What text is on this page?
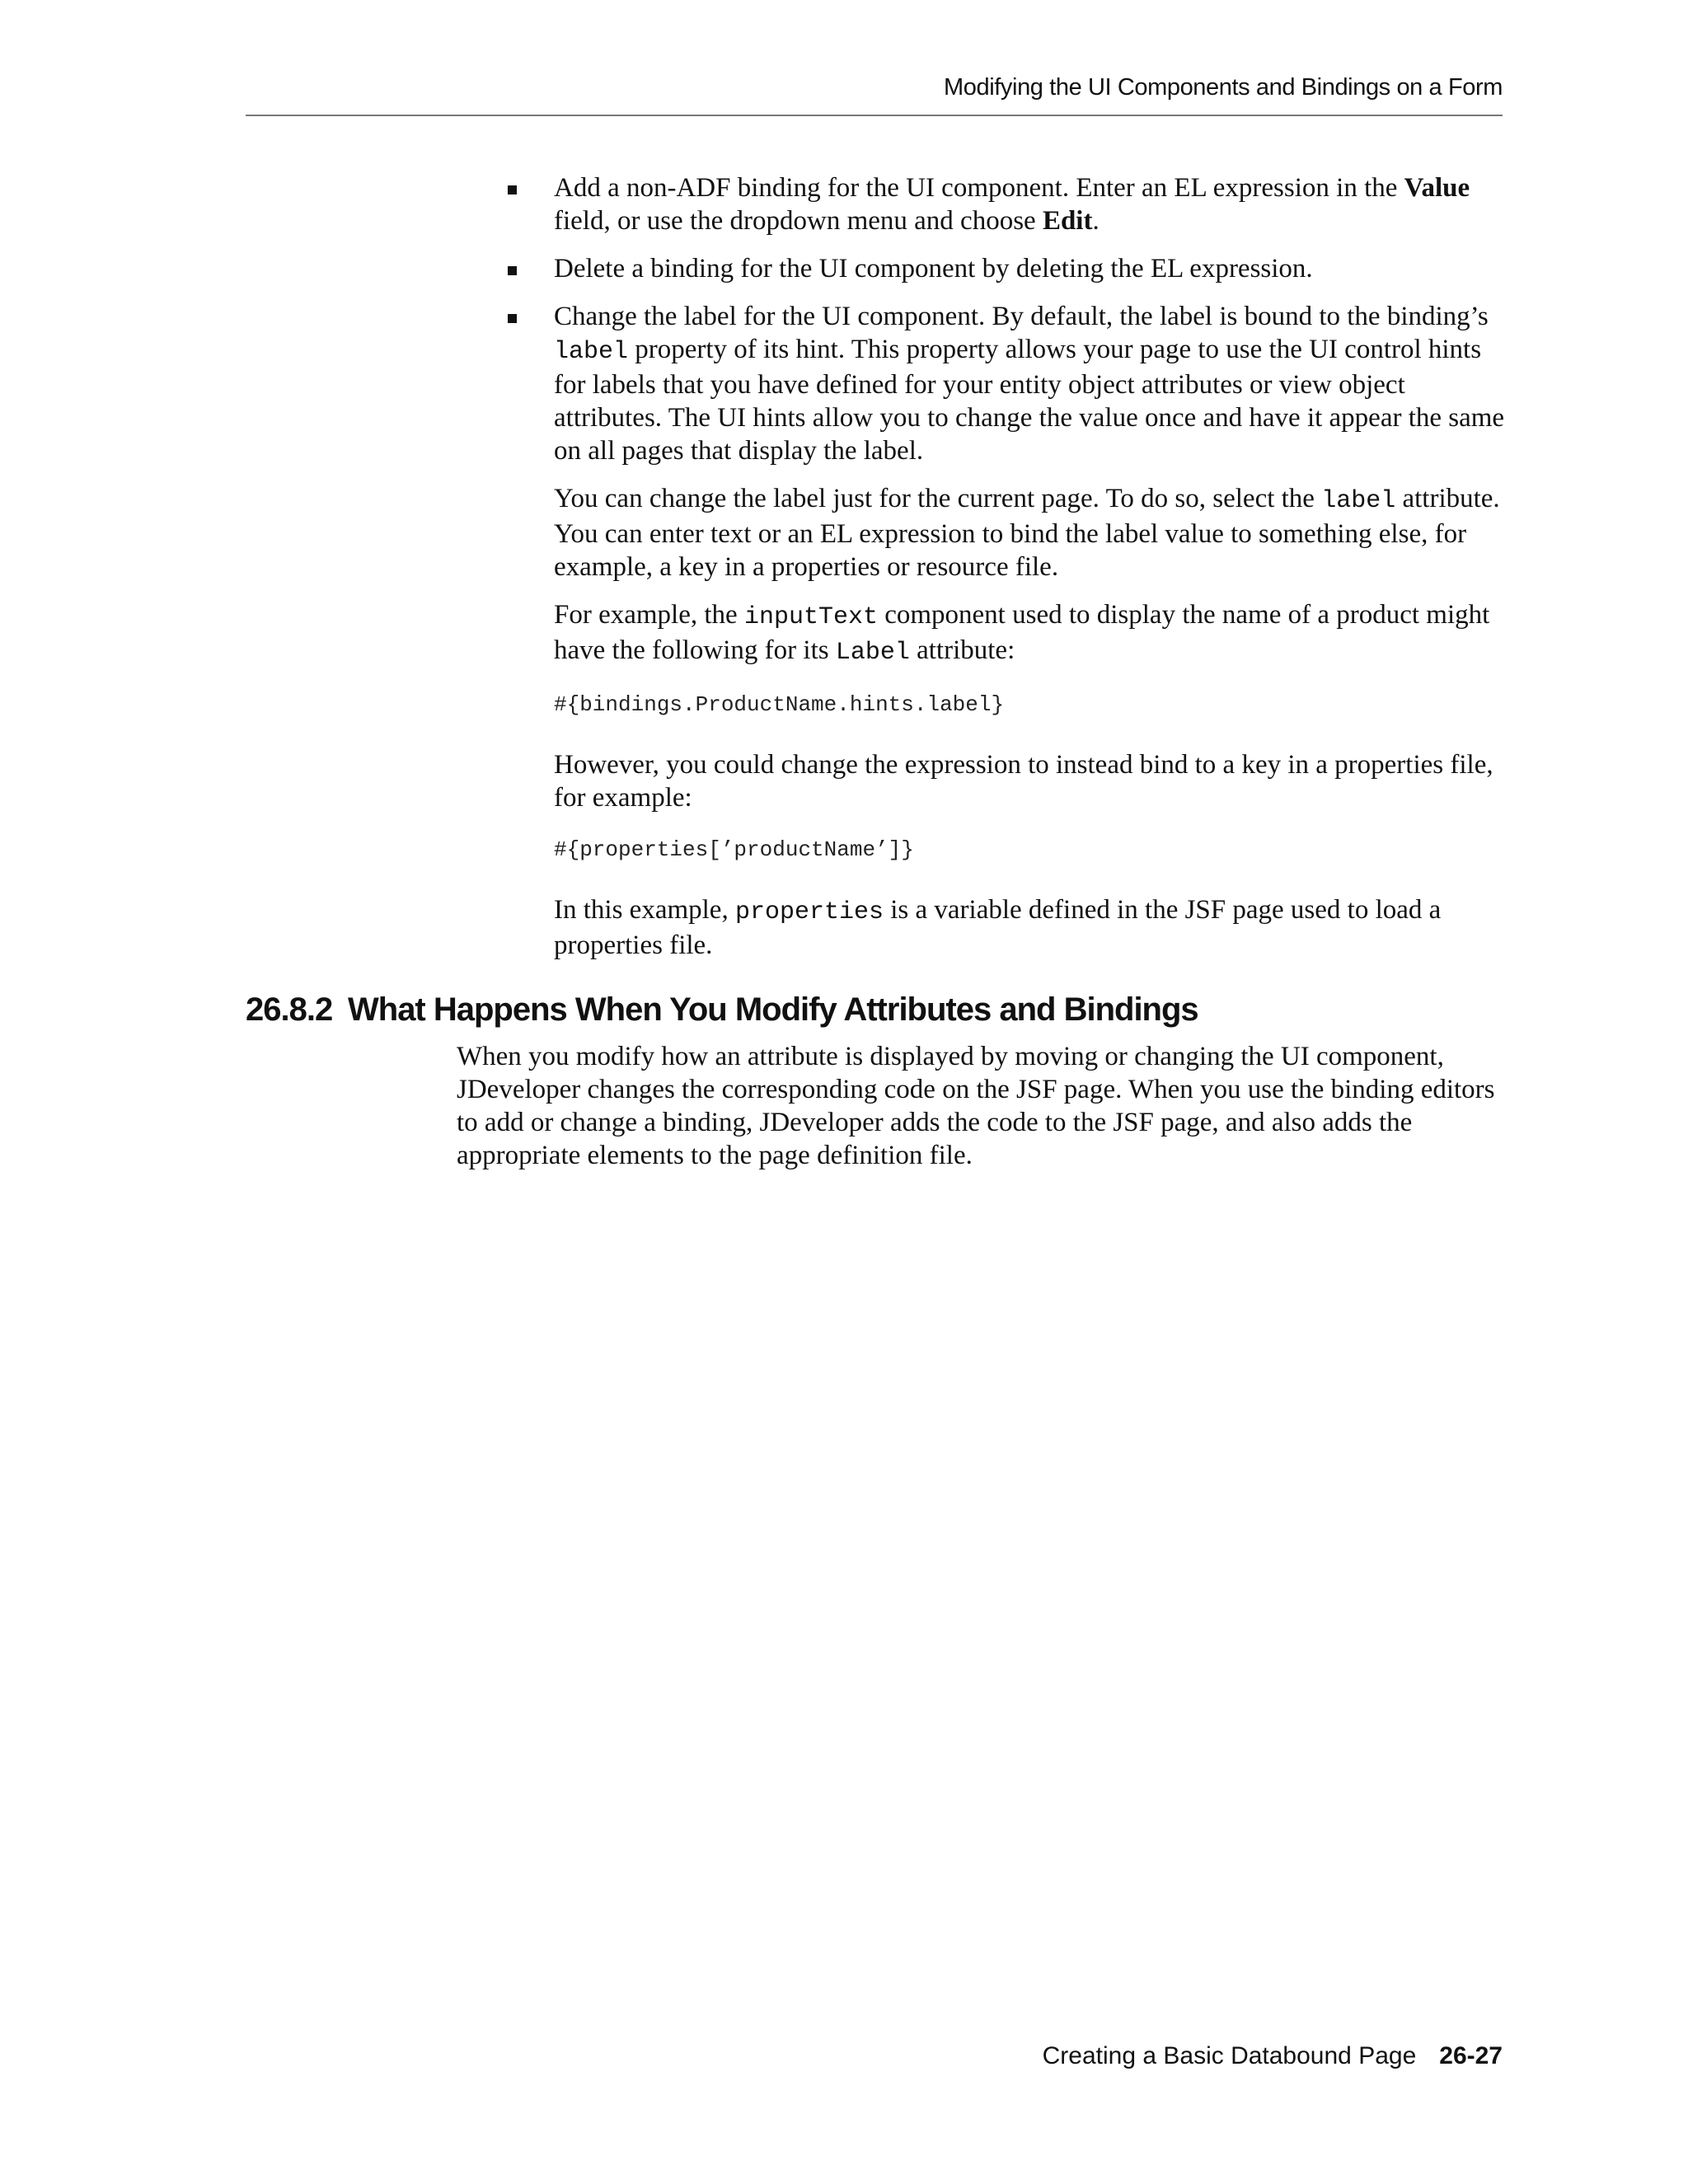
Modifying the UI Components and Bindings on a Form

Add a non-ADF binding for the UI component. Enter an EL expression in the Value field, or use the dropdown menu and choose Edit.

Delete a binding for the UI component by deleting the EL expression.

Change the label for the UI component. By default, the label is bound to the binding’s label property of its hint. This property allows your page to use the UI control hints for labels that you have defined for your entity object attributes or view object attributes. The UI hints allow you to change the value once and have it appear the same on all pages that display the label.

You can change the label just for the current page. To do so, select the label attribute. You can enter text or an EL expression to bind the label value to something else, for example, a key in a properties or resource file.

For example, the inputText component used to display the name of a product might have the following for its Label attribute:

#{bindings.ProductName.hints.label}

However, you could change the expression to instead bind to a key in a properties file, for example:

#{properties[’productName’]}

In this example, properties is a variable defined in the JSF page used to load a properties file.

26.8.2 What Happens When You Modify Attributes and Bindings

When you modify how an attribute is displayed by moving or changing the UI component, JDeveloper changes the corresponding code on the JSF page. When you use the binding editors to add or change a binding, JDeveloper adds the code to the JSF page, and also adds the appropriate elements to the page definition file.

Creating a Basic Databound Page 26-27
